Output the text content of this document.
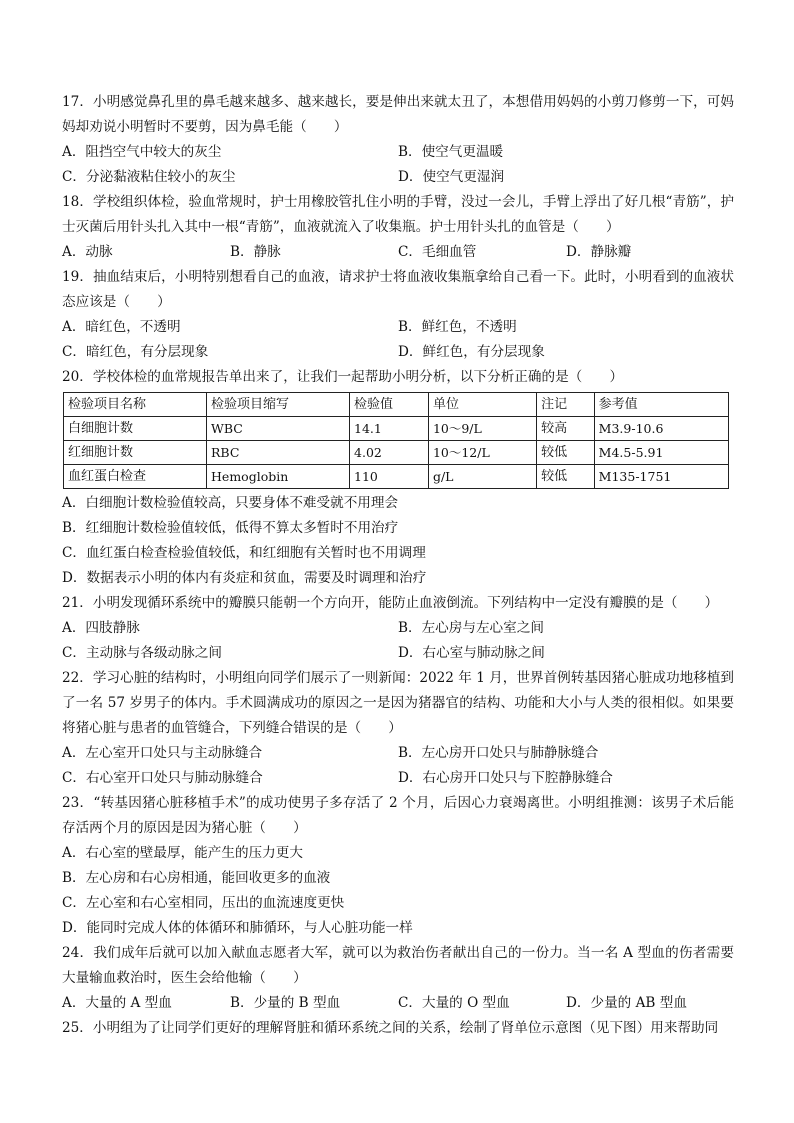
17．小明感觉鼻孔里的鼻毛越来越多、越来越长，要是伸出来就太丑了，本想借用妈妈的小剪刀修剪一下，可妈妈却劝说小明暂时不要剪，因为鼻毛能（　　）
A．阻挡空气中较大的灰尘	B．使空气更温暖
C．分泌黏液粘住较小的灰尘	D．使空气更湿润
18．学校组织体检，验血常规时，护士用橡胶管扎住小明的手臂，没过一会儿，手臂上浮出了好几根“青筋”，护士灭菌后用针头扎入其中一根“青筋”，血液就流入了收集瓶。护士用针头扎的血管是（　　）
A．动脉	B．静脉	C．毛细血管	D．静脉瓣
19．抽血结束后，小明特别想看自己的血液，请求护士将血液收集瓶拿给自己看一下。此时，小明看到的血液状态应该是（　　）
A．暗红色，不透明	B．鲜红色，不透明
C．暗红色，有分层现象	D．鲜红色，有分层现象
20．学校体检的血常规报告单出来了，让我们一起帮助小明分析，以下分析正确的是（　　）
检验项目名称	检验项目缩写	检验值	单位	注记	参考值
白细胞计数	WBC	14.1	10～9/L	较高	M3.9-10.6
红细胞计数	RBC	4.02	10～12/L	较低	M4.5-5.91
血红蛋白检查	Hemoglobin	110	g/L	较低	M135-1751
A．白细胞计数检验值较高，只要身体不难受就不用理会
B．红细胞计数检验值较低，低得不算太多暂时不用治疗
C．血红蛋白检查检验值较低，和红细胞有关暂时也不用调理
D．数据表示小明的体内有炎症和贫血，需要及时调理和治疗
21．小明发现循环系统中的瓣膜只能朝一个方向开，能防止血液倒流。下列结构中一定没有瓣膜的是（　　）
A．四肢静脉	B．左心房与左心室之间
C．主动脉与各级动脉之间	D．右心室与肺动脉之间
22．学习心脏的结构时，小明组向同学们展示了一则新闻：2022 年 1 月，世界首例转基因猪心脏成功地移植到了一名 57 岁男子的体内。手术圆满成功的原因之一是因为猪器官的结构、功能和大小与人类的很相似。如果要将猪心脏与患者的血管缝合，下列缝合错误的是（　　）
A．左心室开口处只与主动脉缝合	B．左心房开口处只与肺静脉缝合
C．右心室开口处只与肺动脉缝合	D．右心房开口处只与下腔静脉缝合
23．“转基因猪心脏移植手术”的成功使男子多存活了 2 个月，后因心力衰竭离世。小明组推测：该男子术后能存活两个月的原因是因为猪心脏（　　）
A．右心室的壁最厚，能产生的压力更大
B．左心房和右心房相通，能回收更多的血液
C．左心室和右心室相同，压出的血流速度更快
D．能同时完成人体的体循环和肺循环，与人心脏功能一样
24．我们成年后就可以加入献血志愿者大军，就可以为救治伤者献出自己的一份力。当一名 A 型血的伤者需要大量输血救治时，医生会给他输（　　）
A．大量的 A 型血	B．少量的 B 型血	C．大量的 O 型血	D．少量的 AB 型血
25．小明组为了让同学们更好的理解肾脏和循环系统之间的关系，绘制了肾单位示意图（见下图）用来帮助同
